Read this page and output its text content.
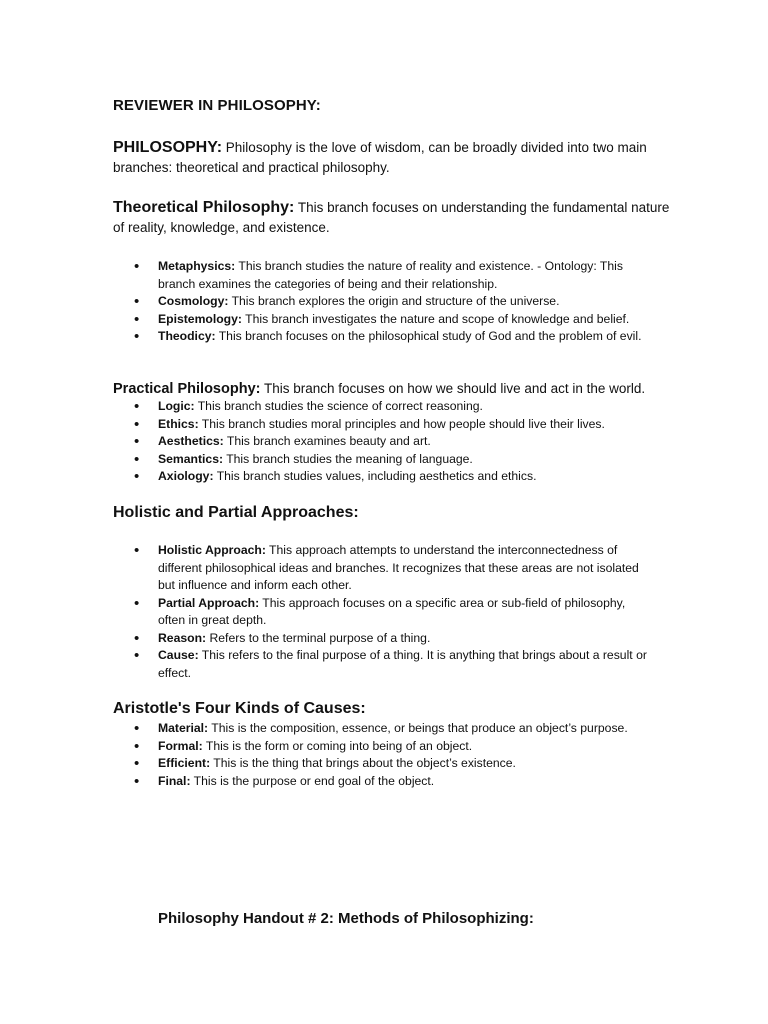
REVIEWER IN PHILOSOPHY:
PHILOSOPHY: Philosophy is the love of wisdom, can be broadly divided into two main branches: theoretical and practical philosophy.
Theoretical Philosophy: This branch focuses on understanding the fundamental nature of reality, knowledge, and existence.
• Metaphysics: This branch studies the nature of reality and existence. - Ontology: This branch examines the categories of being and their relationship.
• Cosmology: This branch explores the origin and structure of the universe.
• Epistemology: This branch investigates the nature and scope of knowledge and belief.
• Theodicy: This branch focuses on the philosophical study of God and the problem of evil.
Practical Philosophy: This branch focuses on how we should live and act in the world.
• Logic: This branch studies the science of correct reasoning.
• Ethics: This branch studies moral principles and how people should live their lives.
• Aesthetics: This branch examines beauty and art.
• Semantics: This branch studies the meaning of language.
• Axiology: This branch studies values, including aesthetics and ethics.
Holistic and Partial Approaches:
• Holistic Approach: This approach attempts to understand the interconnectedness of different philosophical ideas and branches. It recognizes that these areas are not isolated but influence and inform each other.
• Partial Approach: This approach focuses on a specific area or sub-field of philosophy, often in great depth.
• Reason: Refers to the terminal purpose of a thing.
• Cause: This refers to the final purpose of a thing. It is anything that brings about a result or effect.
Aristotle's Four Kinds of Causes:
• Material: This is the composition, essence, or beings that produce an object’s purpose.
• Formal: This is the form or coming into being of an object.
• Efficient: This is the thing that brings about the object’s existence.
• Final: This is the purpose or end goal of the object.
Philosophy Handout # 2: Methods of Philosophizing:
